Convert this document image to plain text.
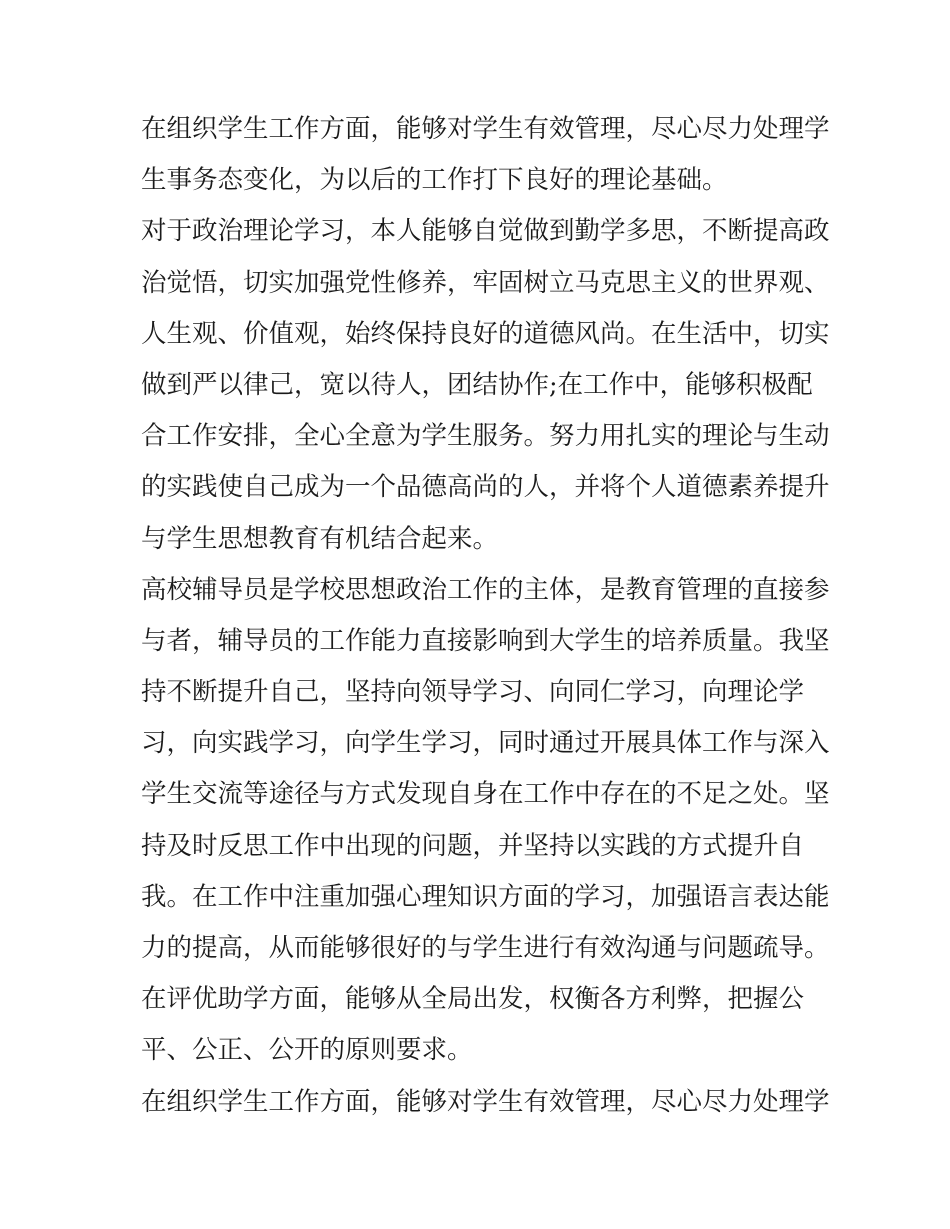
在组织学生工作方面，能够对学生有效管理，尽心尽力处理学
生事务态变化，为以后的工作打下良好的理论基础。
对于政治理论学习，本人能够自觉做到勤学多思，不断提高政
治觉悟，切实加强党性修养，牢固树立马克思主义的世界观、
人生观、价值观，始终保持良好的道德风尚。在生活中，切实
做到严以律己，宽以待人，团结协作;在工作中，能够积极配
合工作安排，全心全意为学生服务。努力用扎实的理论与生动
的实践使自己成为一个品德高尚的人，并将个人道德素养提升
与学生思想教育有机结合起来。
高校辅导员是学校思想政治工作的主体，是教育管理的直接参
与者，辅导员的工作能力直接影响到大学生的培养质量。我坚
持不断提升自己，坚持向领导学习、向同仁学习，向理论学
习，向实践学习，向学生学习，同时通过开展具体工作与深入
学生交流等途径与方式发现自身在工作中存在的不足之处。坚
持及时反思工作中出现的问题，并坚持以实践的方式提升自
我。在工作中注重加强心理知识方面的学习，加强语言表达能
力的提高，从而能够很好的与学生进行有效沟通与问题疏导。
在评优助学方面，能够从全局出发，权衡各方利弊，把握公
平、公正、公开的原则要求。
在组织学生工作方面，能够对学生有效管理，尽心尽力处理学
